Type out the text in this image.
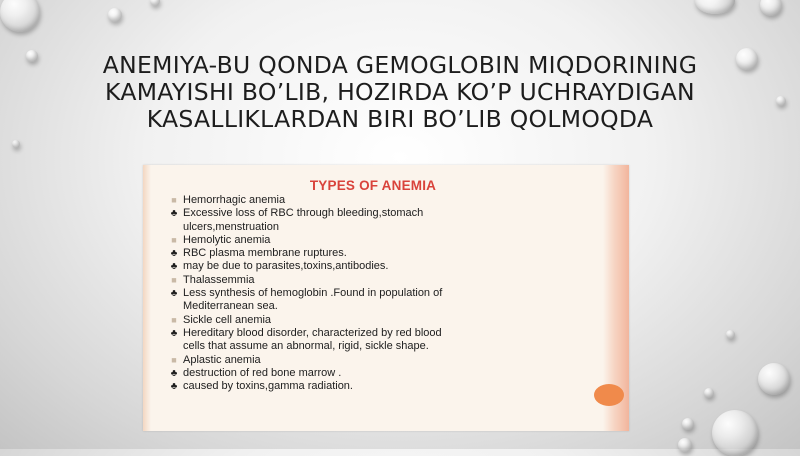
ANEMIYA-BU QONDA GEMOGLOBIN MIQDORINING
KAMAYISHI BO’LIB, HOZIRDA KO’P UCHRAYDIGAN
KASALLIKLARDAN BIRI BO’LIB QOLMOQDA
TYPES OF ANEMIA
■ Hemorrhagic anemia
♣ Excessive loss of RBC through bleeding,stomach
ulcers,menstruation
■ Hemolytic anemia
♣ RBC plasma membrane ruptures.
♣ may be due to parasites,toxins,antibodies.
■ Thalassemmia
♣ Less synthesis of hemoglobin .Found in population of
Mediterranean sea.
■ Sickle cell anemia
♣ Hereditary blood disorder, characterized by red blood
cells that assume an abnormal, rigid, sickle shape.
■ Aplastic anemia
♣ destruction of red bone marrow .
♣ caused by toxins,gamma radiation.
